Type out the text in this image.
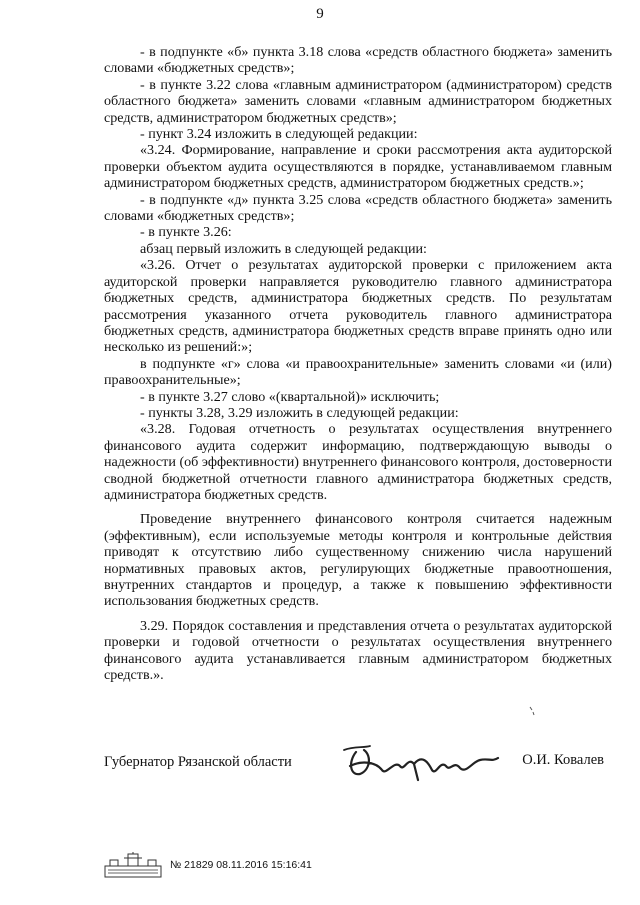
9

- в подпункте «б» пункта 3.18 слова «средств областного бюджета» заменить словами «бюджетных средств»;

- в пункте 3.22 слова «главным администратором (администратором) средств областного бюджета» заменить словами «главным администратором бюджетных средств, администратором бюджетных средств»;

- пункт 3.24 изложить в следующей редакции:

«3.24. Формирование, направление и сроки рассмотрения акта аудиторской проверки объектом аудита осуществляются в порядке, устанавливаемом главным администратором бюджетных средств, администратором бюджетных средств.»;

- в подпункте «д» пункта 3.25 слова «средств областного бюджета» заменить словами «бюджетных средств»;

- в пункте 3.26:

абзац первый изложить в следующей редакции:

«3.26. Отчет о результатах аудиторской проверки с приложением акта аудиторской проверки направляется руководителю главного администратора бюджетных средств, администратора бюджетных средств. По результатам рассмотрения указанного отчета руководитель главного администратора бюджетных средств, администратора бюджетных средств вправе принять одно или несколько из решений:»;

в подпункте «г» слова «и правоохранительные» заменить словами «и (или) правоохранительные»;

- в пункте 3.27 слово «(квартальной)» исключить;

- пункты 3.28, 3.29 изложить в следующей редакции:

«3.28. Годовая отчетность о результатах осуществления внутреннего финансового аудита содержит информацию, подтверждающую выводы о надежности (об эффективности) внутреннего финансового контроля, достоверности сводной бюджетной отчетности главного администратора бюджетных средств, администратора бюджетных средств.

Проведение внутреннего финансового контроля считается надежным (эффективным), если используемые методы контроля и контрольные действия приводят к отсутствию либо существенному снижению числа нарушений нормативных правовых актов, регулирующих бюджетные правоотношения, внутренних стандартов и процедур, а также к повышению эффективности использования бюджетных средств.

3.29. Порядок составления и представления отчета о результатах аудиторской проверки и годовой отчетности о результатах осуществления внутреннего финансового аудита устанавливается главным администратором бюджетных средств.».

Губернатор Рязанской области	О.И. Ковалев
№ 21829 08.11.2016 15:16:41
